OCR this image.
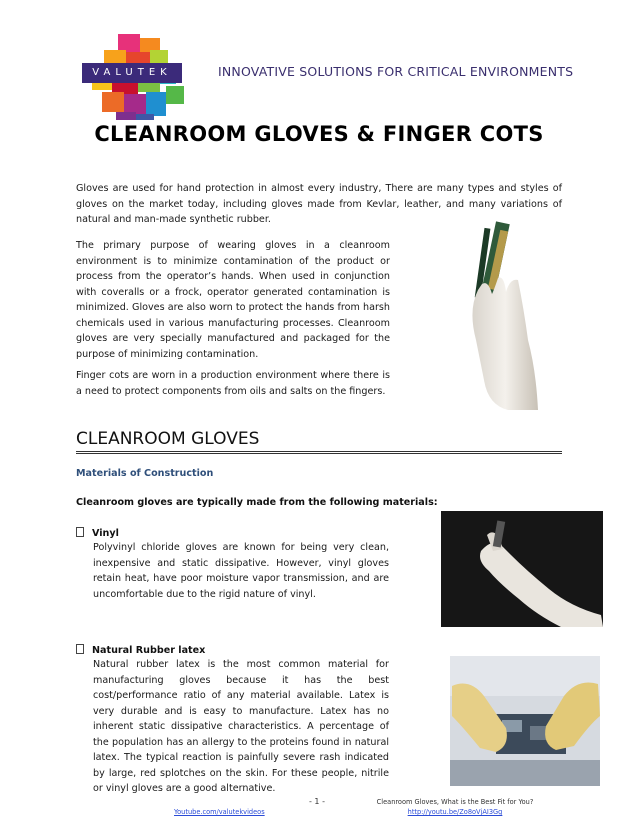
VALUTEK	INNOVATIVE SOLUTIONS FOR CRITICAL ENVIRONMENTS
CLEANROOM GLOVES & FINGER COTS
Gloves are used for hand protection in almost every industry, There are many types and styles of gloves on the market today, including gloves made from Kevlar, leather, and many variations of natural and man-made synthetic rubber.
The primary purpose of wearing gloves in a cleanroom environment is to minimize contamination of the product or process from the operator’s hands. When used in conjunction with coveralls or a frock, operator generated contamination is minimized. Gloves are also worn to protect the hands from harsh chemicals used in various manufacturing processes. Cleanroom gloves are very specially manufactured and packaged for the purpose of minimizing contamination.
Finger cots are worn in a production environment where there is a need to protect components from oils and salts on the fingers.
CLEANROOM GLOVES
Materials of Construction
Cleanroom gloves are typically made from the following materials:
Vinyl
Polyvinyl chloride gloves are known for being very clean, inexpensive and static dissipative. However, vinyl gloves retain heat, have poor moisture vapor transmission, and are uncomfortable due to the rigid nature of vinyl.
Natural Rubber latex
Natural rubber latex is the most common material for manufacturing gloves because it has the best cost/performance ratio of any material available. Latex is very durable and is easy to manufacture. Latex has no inherent static dissipative characteristics. A percentage of the population has an allergy to the proteins found in natural latex. The typical reaction is painfully severe rash indicated by large, red splotches on the skin. For these people, nitrile or vinyl gloves are a good alternative.
Youtube.com/valutekvideos
- 1 -	Cleanroom Gloves, What is the Best Fit for You?
http://youtu.be/Zo8oVjAI3Gg
